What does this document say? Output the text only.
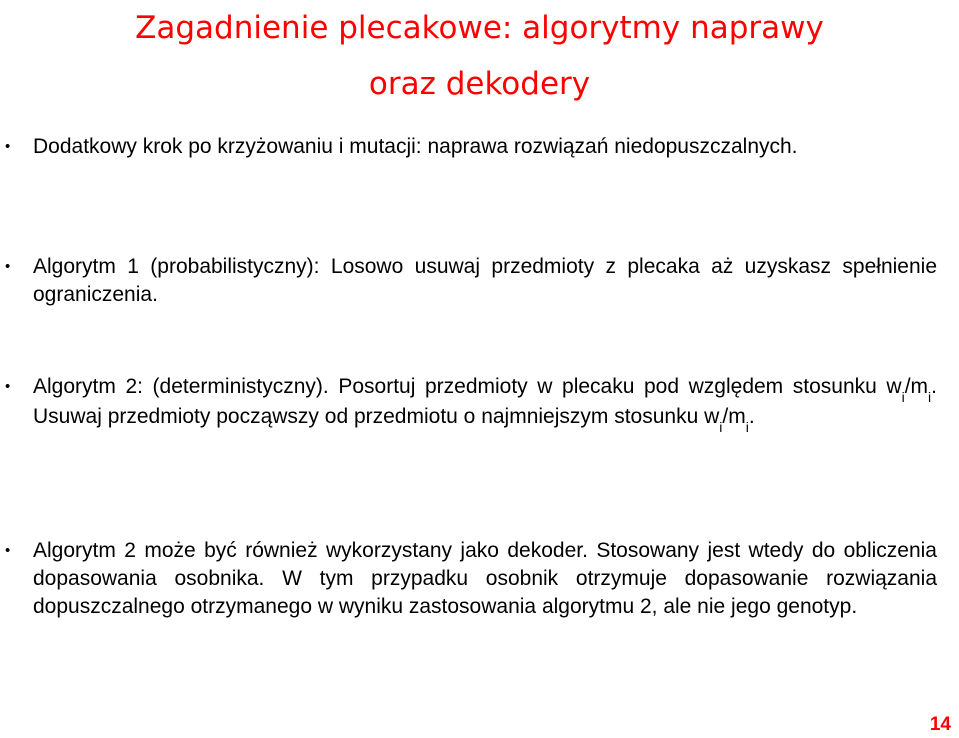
Zagadnienie plecakowe: algorytmy naprawy
oraz dekodery

• Dodatkowy krok po krzyżowaniu i mutacji: naprawa rozwiązań niedopuszczalnych.

• Algorytm 1 (probabilistyczny): Losowo usuwaj przedmioty z plecaka aż uzyskasz spełnienie ograniczenia.

• Algorytm 2: (deterministyczny). Posortuj przedmioty w plecaku pod względem stosunku $w_i/m_i$. Usuwaj przedmioty począwszy od przedmiotu o najmniejszym stosunku $w_i/m_i$.

• Algorytm 2 może być również wykorzystany jako dekoder. Stosowany jest wtedy do obliczenia dopasowania osobnika. W tym przypadku osobnik otrzymuje dopasowanie rozwiązania dopuszczalnego otrzymanego w wyniku zastosowania algorytmu 2, ale nie jego genotyp.

14
